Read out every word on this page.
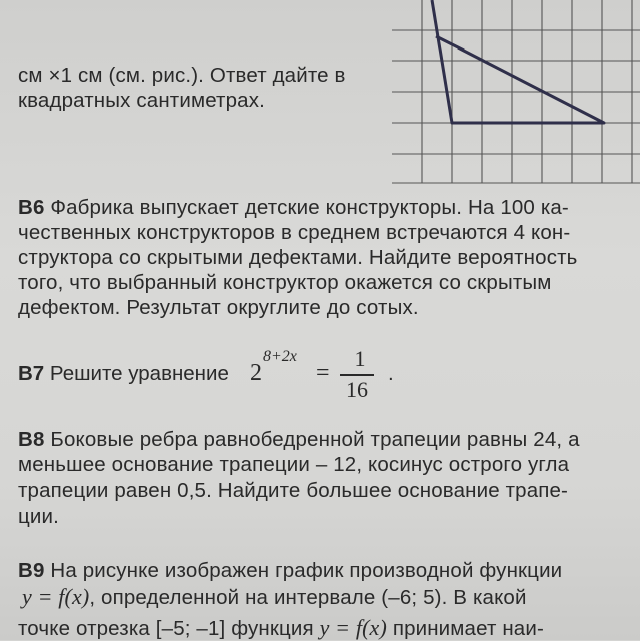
см ×1 см (см. рис.). Ответ дайте в
квадратных сантиметрах.
B6 Фабрика выпускает детские конструкторы. На 100 ка-
чественных конструкторов в среднем встречаются 4 кон-
структора со скрытыми дефектами. Найдите вероятность
того, что выбранный конструктор окажется со скрытым
дефектом. Результат округлите до сотых.
B7 Решите уравнение 2
8+2x
=
1
16
.
B8 Боковые ребра равнобедренной трапеции равны 24, а
меньшее основание трапеции – 12, косинус острого угла
трапеции равен 0,5. Найдите большее основание трапе-
ции.
B9 На рисунке изображен график производной функции
y = f(x), определенной на интервале (–6; 5). В какой
точке отрезка [–5; –1] функция y = f(x) принимает наи-
